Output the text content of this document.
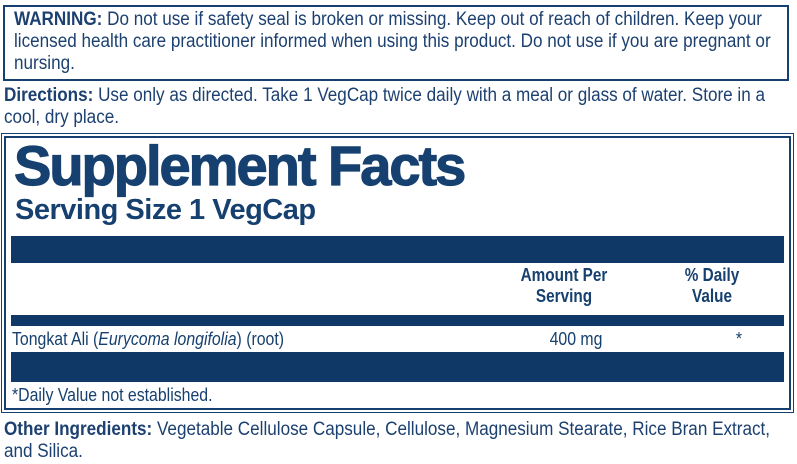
WARNING: Do not use if safety seal is broken or missing. Keep out of reach of children. Keep your licensed health care practitioner informed when using this product. Do not use if you are pregnant or nursing.
Directions: Use only as directed. Take 1 VegCap twice daily with a meal or glass of water. Store in a cool, dry place.
Supplement Facts
Serving Size 1 VegCap
Amount Per
Serving
% Daily
Value
Tongkat Ali (Eurycoma longifolia) (root)	400 mg	*
*Daily Value not established.
Other Ingredients: Vegetable Cellulose Capsule, Cellulose, Magnesium Stearate, Rice Bran Extract, and Silica.
